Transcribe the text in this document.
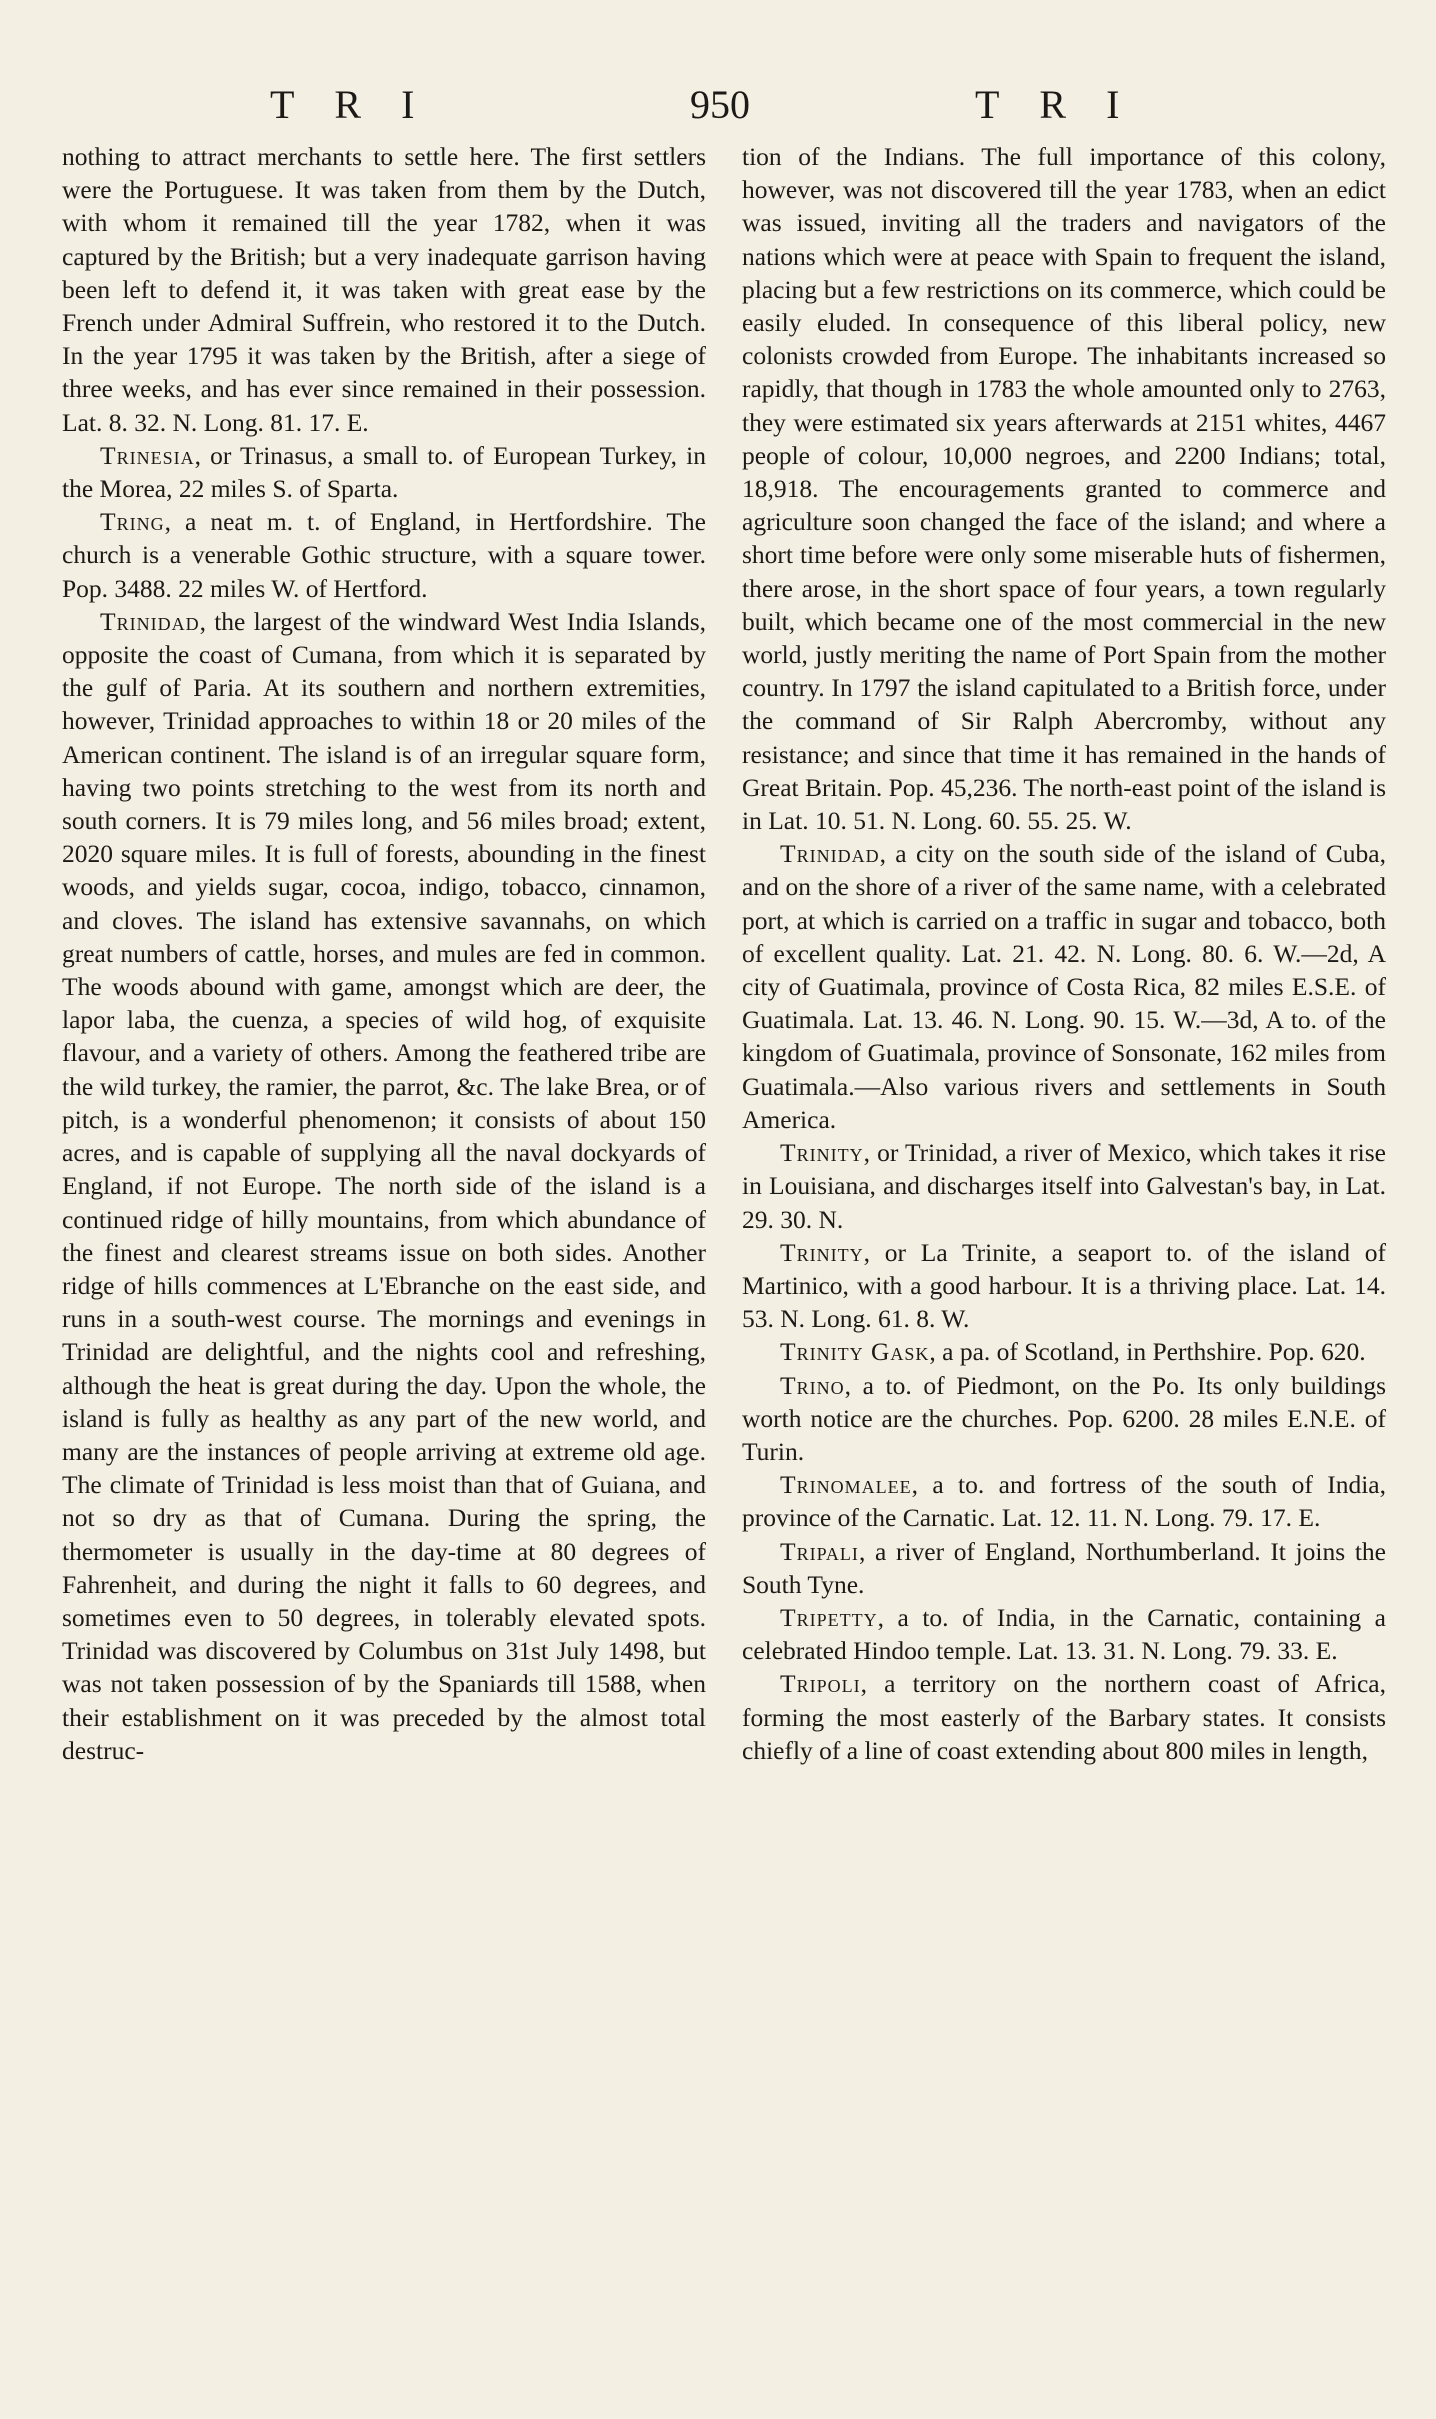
TRI	950	TRI

nothing to attract merchants to settle here. The first settlers were the Portuguese. It was taken from them by the Dutch, with whom it remained till the year 1782, when it was captured by the British; but a very inadequate garrison having been left to defend it, it was taken with great ease by the French under Admiral Suffrein, who restored it to the Dutch. In the year 1795 it was taken by the British, after a siege of three weeks, and has ever since remained in their possession. Lat. 8. 32. N. Long. 81. 17. E.

Trinesia, or Trinasus, a small to. of European Turkey, in the Morea, 22 miles S. of Sparta.

Tring, a neat m. t. of England, in Hertfordshire. The church is a venerable Gothic structure, with a square tower. Pop. 3488. 22 miles W. of Hertford.

Trinidad, the largest of the windward West India Islands, opposite the coast of Cumana, from which it is separated by the gulf of Paria. At its southern and northern extremities, however, Trinidad approaches to within 18 or 20 miles of the American continent. The island is of an irregular square form, having two points stretching to the west from its north and south corners. It is 79 miles long, and 56 miles broad; extent, 2020 square miles. It is full of forests, abounding in the finest woods, and yields sugar, cocoa, indigo, tobacco, cinnamon, and cloves. The island has extensive savannahs, on which great numbers of cattle, horses, and mules are fed in common. The woods abound with game, amongst which are deer, the lapor laba, the cuenza, a species of wild hog, of exquisite flavour, and a variety of others. Among the feathered tribe are the wild turkey, the ramier, the parrot, &c. The lake Brea, or of pitch, is a wonderful phenomenon; it consists of about 150 acres, and is capable of supplying all the naval dockyards of England, if not Europe. The north side of the island is a continued ridge of hilly mountains, from which abundance of the finest and clearest streams issue on both sides. Another ridge of hills commences at L'Ebranche on the east side, and runs in a south-west course. The mornings and evenings in Trinidad are delightful, and the nights cool and refreshing, although the heat is great during the day. Upon the whole, the island is fully as healthy as any part of the new world, and many are the instances of people arriving at extreme old age. The climate of Trinidad is less moist than that of Guiana, and not so dry as that of Cumana. During the spring, the thermometer is usually in the day-time at 80 degrees of Fahrenheit, and during the night it falls to 60 degrees, and sometimes even to 50 degrees, in tolerably elevated spots. Trinidad was discovered by Columbus on 31st July 1498, but was not taken possession of by the Spaniards till 1588, when their establishment on it was preceded by the almost total destruc-

tion of the Indians. The full importance of this colony, however, was not discovered till the year 1783, when an edict was issued, inviting all the traders and navigators of the nations which were at peace with Spain to frequent the island, placing but a few restrictions on its commerce, which could be easily eluded. In consequence of this liberal policy, new colonists crowded from Europe. The inhabitants increased so rapidly, that though in 1783 the whole amounted only to 2763, they were estimated six years afterwards at 2151 whites, 4467 people of colour, 10,000 negroes, and 2200 Indians; total, 18,918. The encouragements granted to commerce and agriculture soon changed the face of the island; and where a short time before were only some miserable huts of fishermen, there arose, in the short space of four years, a town regularly built, which became one of the most commercial in the new world, justly meriting the name of Port Spain from the mother country. In 1797 the island capitulated to a British force, under the command of Sir Ralph Abercromby, without any resistance; and since that time it has remained in the hands of Great Britain. Pop. 45,236. The north-east point of the island is in Lat. 10. 51. N. Long. 60. 55. 25. W.

Trinidad, a city on the south side of the island of Cuba, and on the shore of a river of the same name, with a celebrated port, at which is carried on a traffic in sugar and tobacco, both of excellent quality. Lat. 21. 42. N. Long. 80. 6. W.—2d, A city of Guatimala, province of Costa Rica, 82 miles E.S.E. of Guatimala. Lat. 13. 46. N. Long. 90. 15. W.—3d, A to. of the kingdom of Guatimala, province of Sonsonate, 162 miles from Guatimala.—Also various rivers and settlements in South America.

Trinity, or Trinidad, a river of Mexico, which takes it rise in Louisiana, and discharges itself into Galvestan's bay, in Lat. 29. 30. N.

Trinity, or La Trinite, a seaport to. of the island of Martinico, with a good harbour. It is a thriving place. Lat. 14. 53. N. Long. 61. 8. W.

Trinity Gask, a pa. of Scotland, in Perthshire. Pop. 620.

Trino, a to. of Piedmont, on the Po. Its only buildings worth notice are the churches. Pop. 6200. 28 miles E.N.E. of Turin.

Trinomalee, a to. and fortress of the south of India, province of the Carnatic. Lat. 12. 11. N. Long. 79. 17. E.

Tripali, a river of England, Northumberland. It joins the South Tyne.

Tripetty, a to. of India, in the Carnatic, containing a celebrated Hindoo temple. Lat. 13. 31. N. Long. 79. 33. E.

Tripoli, a territory on the northern coast of Africa, forming the most easterly of the Barbary states. It consists chiefly of a line of coast extending about 800 miles in length,
